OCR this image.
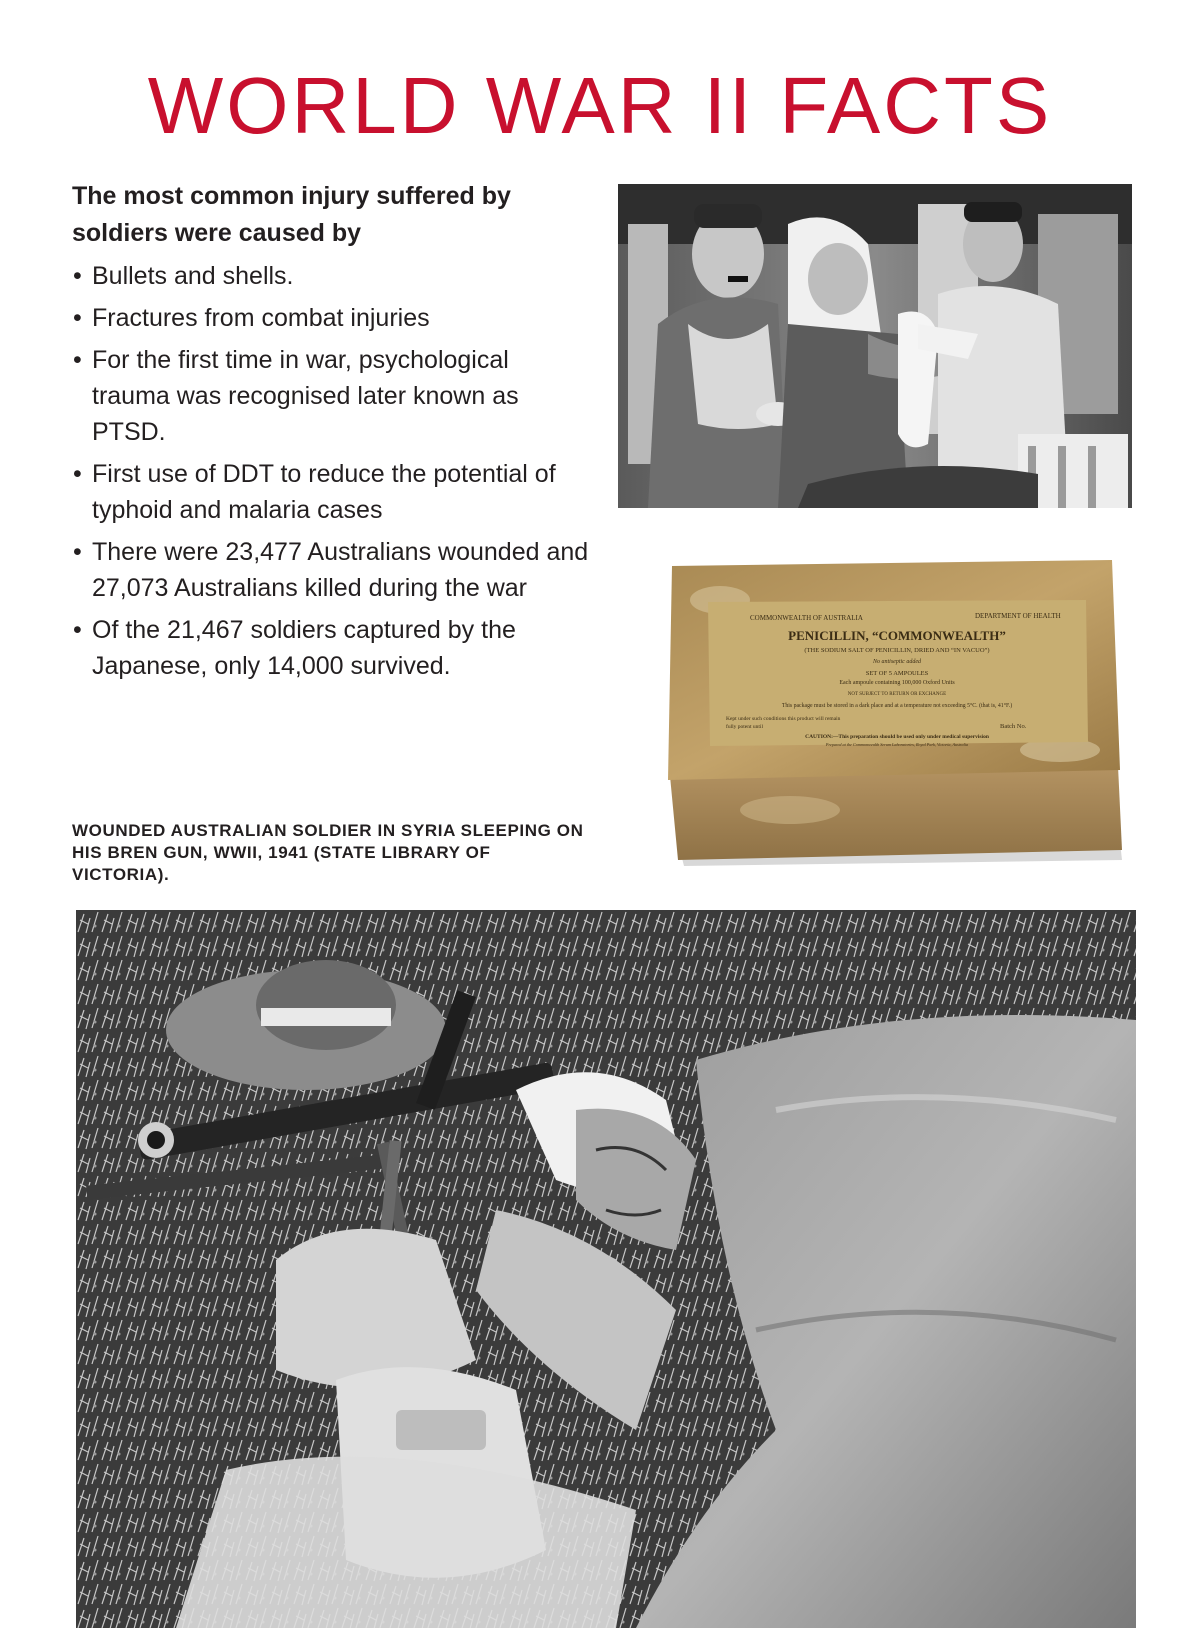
WORLD WAR II FACTS

The most common injury suffered by soldiers were caused by

• Bullets and shells.
• Fractures from combat injuries
• For the first time in war, psychological trauma was recognised later known as PTSD.
• First use of DDT to reduce the potential of typhoid and malaria cases
• There were 23,477 Australians wounded and 27,073 Australians killed during the war
• Of the 21,467 soldiers captured by the Japanese, only 14,000 survived.

WOUNDED AUSTRALIAN SOLDIER IN SYRIA SLEEPING ON HIS BREN GUN, WWII, 1941 (STATE LIBRARY OF VICTORIA).

COMMONWEALTH OF AUSTRALIA	DEPARTMENT OF HEALTH
PENICILLIN, “COMMONWEALTH”
(THE SODIUM SALT OF PENICILLIN, DRIED AND “IN VACUO”)
No antiseptic added
SET OF 5 AMPOULES
Each ampoule containing 100,000 Oxford Units
NOT SUBJECT TO RETURN OR EXCHANGE
This package must be stored in a dark place and at a temperature not exceeding 5°C. (that is, 41°F.)
Kept under such conditions this product will remain
fully potent until	Batch No.
CAUTION:—This preparation should be used only under medical supervision
Prepared at the Commonwealth Serum Laboratories, Royal Park, Victoria, Australia
